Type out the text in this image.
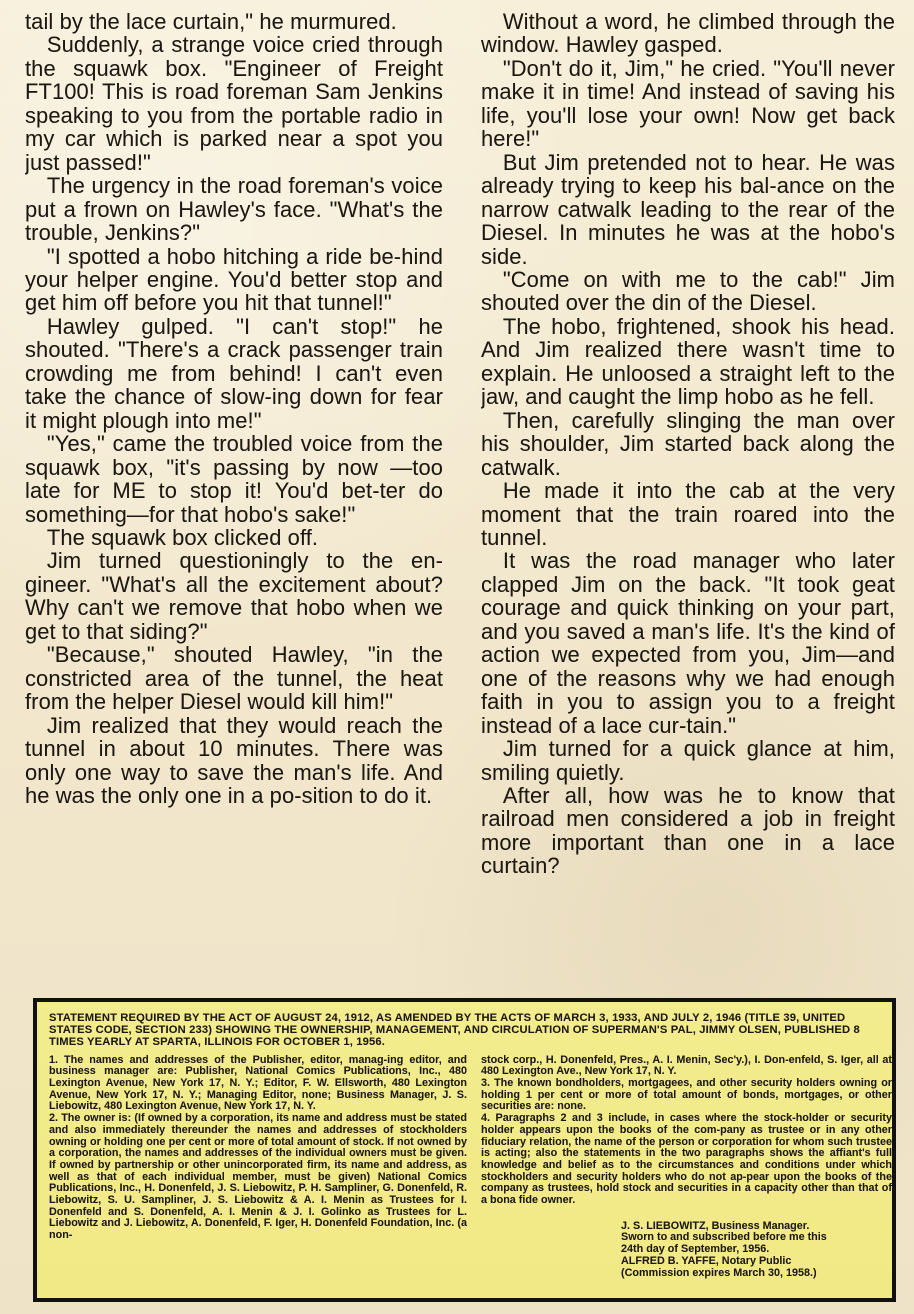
tail by the lace curtain," he murmured.

Suddenly, a strange voice cried through the squawk box. "Engineer of Freight FT100! This is road foreman Sam Jenkins speaking to you from the portable radio in my car which is parked near a spot you just passed!"

The urgency in the road foreman's voice put a frown on Hawley's face. "What's the trouble, Jenkins?"

"I spotted a hobo hitching a ride be-hind your helper engine. You'd better stop and get him off before you hit that tunnel!"

Hawley gulped. "I can't stop!" he shouted. "There's a crack passenger train crowding me from behind! I can't even take the chance of slow-ing down for fear it might plough into me!"

"Yes," came the troubled voice from the squawk box, "it's passing by now —too late for ME to stop it! You'd bet-ter do something—for that hobo's sake!"

The squawk box clicked off.

Jim turned questioningly to the en-gineer. "What's all the excitement about? Why can't we remove that hobo when we get to that siding?"

"Because," shouted Hawley, "in the constricted area of the tunnel, the heat from the helper Diesel would kill him!"

Jim realized that they would reach the tunnel in about 10 minutes. There was only one way to save the man's life. And he was the only one in a po-sition to do it.

Without a word, he climbed through the window. Hawley gasped.

"Don't do it, Jim," he cried. "You'll never make it in time! And instead of saving his life, you'll lose your own! Now get back here!"

But Jim pretended not to hear. He was already trying to keep his bal-ance on the narrow catwalk leading to the rear of the Diesel. In minutes he was at the hobo's side.

"Come on with me to the cab!" Jim shouted over the din of the Diesel.

The hobo, frightened, shook his head. And Jim realized there wasn't time to explain. He unloosed a straight left to the jaw, and caught the limp hobo as he fell.

Then, carefully slinging the man over his shoulder, Jim started back along the catwalk.

He made it into the cab at the very moment that the train roared into the tunnel.

It was the road manager who later clapped Jim on the back. "It took geat courage and quick thinking on your part, and you saved a man's life. It's the kind of action we expected from you, Jim—and one of the reasons why we had enough faith in you to assign you to a freight instead of a lace cur-tain."

Jim turned for a quick glance at him, smiling quietly.

After all, how was he to know that railroad men considered a job in freight more important than one in a lace curtain?

STATEMENT REQUIRED BY THE ACT OF AUGUST 24, 1912, AS AMENDED BY THE ACTS OF MARCH 3, 1933, AND JULY 2, 1946 (TITLE 39, UNITED STATES CODE, SECTION 233) SHOWING THE OWNERSHIP, MANAGEMENT, AND CIRCULATION OF SUPERMAN'S PAL, JIMMY OLSEN, PUBLISHED 8 TIMES YEARLY AT SPARTA, ILLINOIS FOR OCTOBER 1, 1956.

1. The names and addresses of the Publisher, editor, manag-ing editor, and business manager are: Publisher, National Comics Publications, Inc., 480 Lexington Avenue, New York 17, N. Y.; Editor, F. W. Ellsworth, 480 Lexington Avenue, New York 17, N. Y.; Managing Editor, none; Business Manager, J. S. Liebowitz, 480 Lexington Avenue, New York 17, N. Y.

2. The owner is: (If owned by a corporation, its name and address must be stated and also immediately thereunder the names and addresses of stockholders owning or holding one per cent or more of total amount of stock. If not owned by a corporation, the names and addresses of the individual owners must be given. If owned by partnership or other unincorporated firm, its name and address, as well as that of each individual member, must be given) National Comics Publications, Inc., H. Donenfeld, J. S. Liebowitz, P. H. Sampliner, G. Donenfeld, R. Liebowitz, S. U. Sampliner, J. S. Liebowitz & A. I. Menin as Trustees for I. Donenfeld and S. Donenfeld, A. I. Menin & J. I. Golinko as Trustees for L. Liebowitz and J. Liebowitz, A. Donenfeld, F. Iger, H. Donenfeld Foundation, Inc. (a non-

stock corp., H. Donenfeld, Pres., A. I. Menin, Sec'y.), I. Don-enfeld, S. Iger, all at 480 Lexington Ave., New York 17, N. Y.

3. The known bondholders, mortgagees, and other security holders owning or holding 1 per cent or more of total amount of bonds, mortgages, or other securities are: none.

4. Paragraphs 2 and 3 include, in cases where the stock-holder or security holder appears upon the books of the com-pany as trustee or in any other fiduciary relation, the name of the person or corporation for whom such trustee is acting; also the statements in the two paragraphs shows the affiant's full knowledge and belief as to the circumstances and conditions under which stockholders and security holders who do not ap-pear upon the books of the company as trustees, hold stock and securities in a capacity other than that of a bona fide owner.

J. S. LIEBOWITZ, Business Manager.
Sworn to and subscribed before me this
24th day of September, 1956.
ALFRED B. YAFFE, Notary Public
(Commission expires March 30, 1958.)
